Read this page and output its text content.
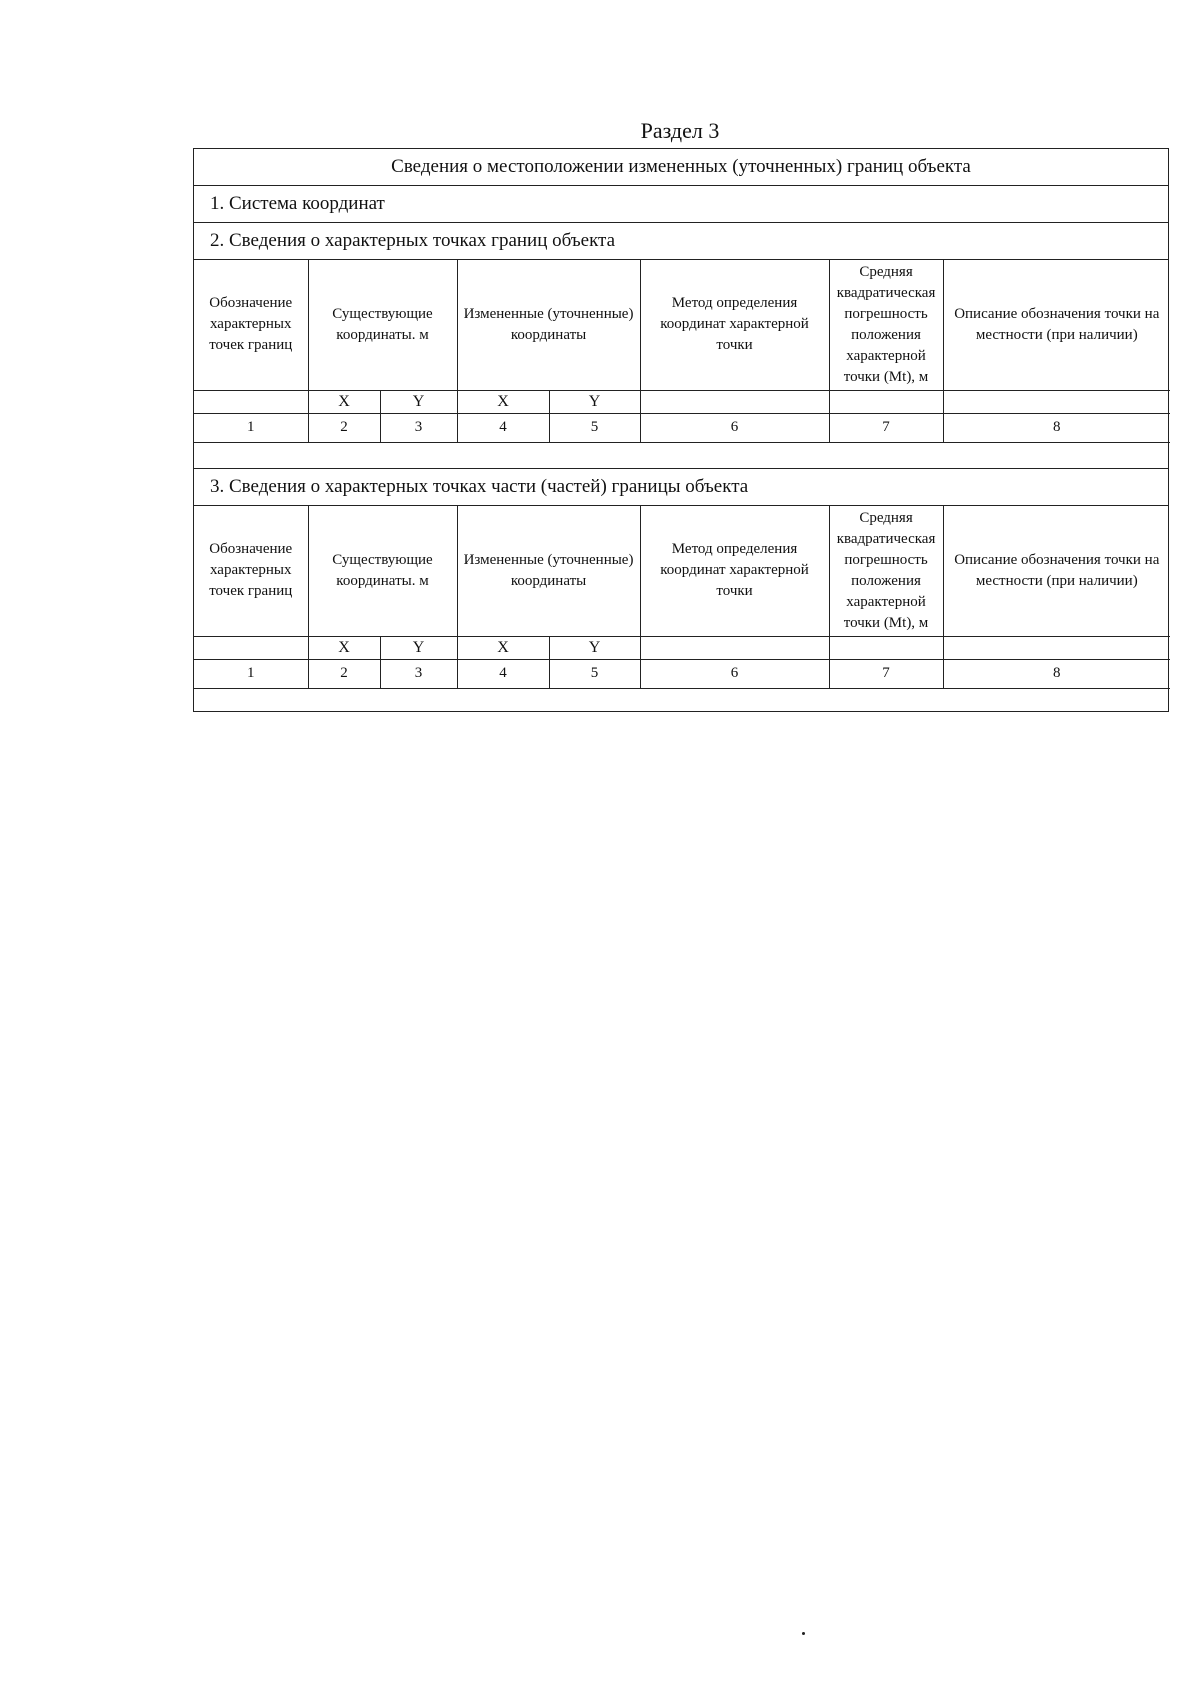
Раздел 3
Сведения о местоположении измененных (уточненных) границ объекта
1. Система координат
2. Сведения о характерных точках границ объекта
Обозначение характерных точек границ	Существующие координаты. м		Измененные (уточненные) координаты		Метод определения координат характерной точки	Средняя квадратическая погрешность положения характерной точки (Mt), м	Описание обозначения точки на местности (при наличии)
	X	Y	X	Y			
1	2	3	4	5	6	7	8

3. Сведения о характерных точках части (частей) границы объекта
Обозначение характерных точек границ	Существующие координаты. м		Измененные (уточненные) координаты		Метод определения координат характерной точки	Средняя квадратическая погрешность положения характерной точки (Mt), м	Описание обозначения точки на местности (при наличии)
	X	Y	X	Y			
1	2	3	4	5	6	7	8
